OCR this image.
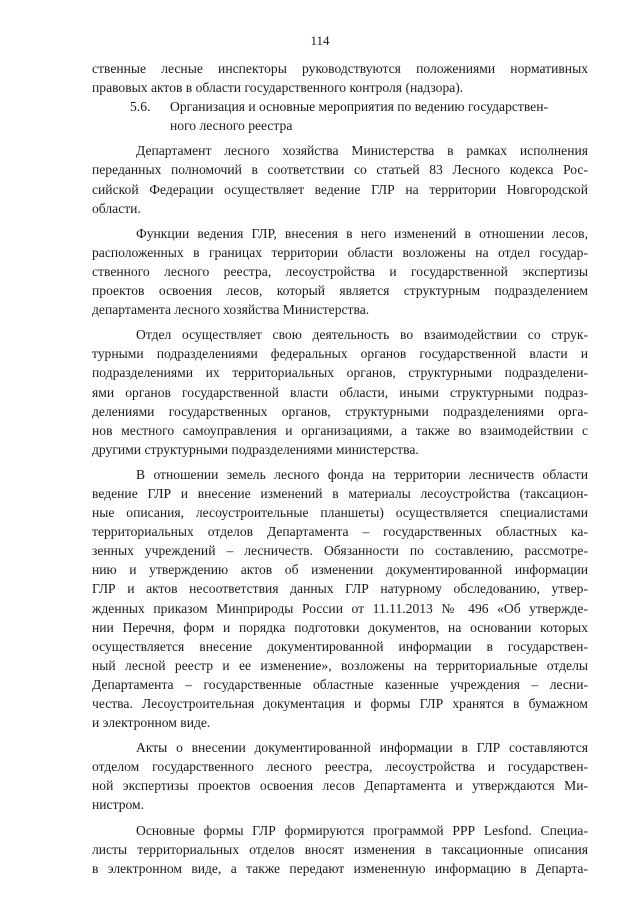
114
ственные лесные инспекторы руководствуются положениями нормативных
правовых актов в области государственного контроля (надзора).
5.6. Организация и основные мероприятия по ведению государствен-
ного лесного реестра
Департамент лесного хозяйства Министерства в рамках исполнения
переданных полномочий в соответствии со статьей 83 Лесного кодекса Рос-
сийской Федерации осуществляет ведение ГЛР на территории Новгородской
области.
Функции ведения ГЛР, внесения в него изменений в отношении лесов,
расположенных в границах территории области возложены на отдел государ-
ственного лесного реестра, лесоустройства и государственной экспертизы
проектов освоения лесов, который является структурным подразделением
департамента лесного хозяйства Министерства.
Отдел осуществляет свою деятельность во взаимодействии со струк-
турными подразделениями федеральных органов государственной власти и
подразделениями их территориальных органов, структурными подразделени-
ями органов государственной власти области, иными структурными подраз-
делениями государственных органов, структурными подразделениями орга-
нов местного самоуправления и организациями, а также во взаимодействии с
другими структурными подразделениями министерства.
В отношении земель лесного фонда на территории лесничеств области
ведение ГЛР и внесение изменений в материалы лесоустройства (таксацион-
ные описания, лесоустроительные планшеты) осуществляется специалистами
территориальных отделов Департамента – государственных областных ка-
зенных учреждений – лесничеств. Обязанности по составлению, рассмотре-
нию и утверждению актов об изменении документированной информации
ГЛР и актов несоответствия данных ГЛР натурному обследованию, утвер-
жденных приказом Минприроды России от 11.11.2013 № 496 «Об утвержде-
нии Перечня, форм и порядка подготовки документов, на основании которых
осуществляется внесение документированной информации в государствен-
ный лесной реестр и ее изменение», возложены на территориальные отделы
Департамента – государственные областные казенные учреждения – лесни-
чества. Лесоустроительная документация и формы ГЛР хранятся в бумажном
и электронном виде.
Акты о внесении документированной информации в ГЛР составляются
отделом государственного лесного реестра, лесоустройства и государствен-
ной экспертизы проектов освоения лесов Департамента и утверждаются Ми-
нистром.
Основные формы ГЛР формируются программой РРР Lesfond. Специа-
листы территориальных отделов вносят изменения в таксационные описания
в электронном виде, а также передают измененную информацию в Департа-
